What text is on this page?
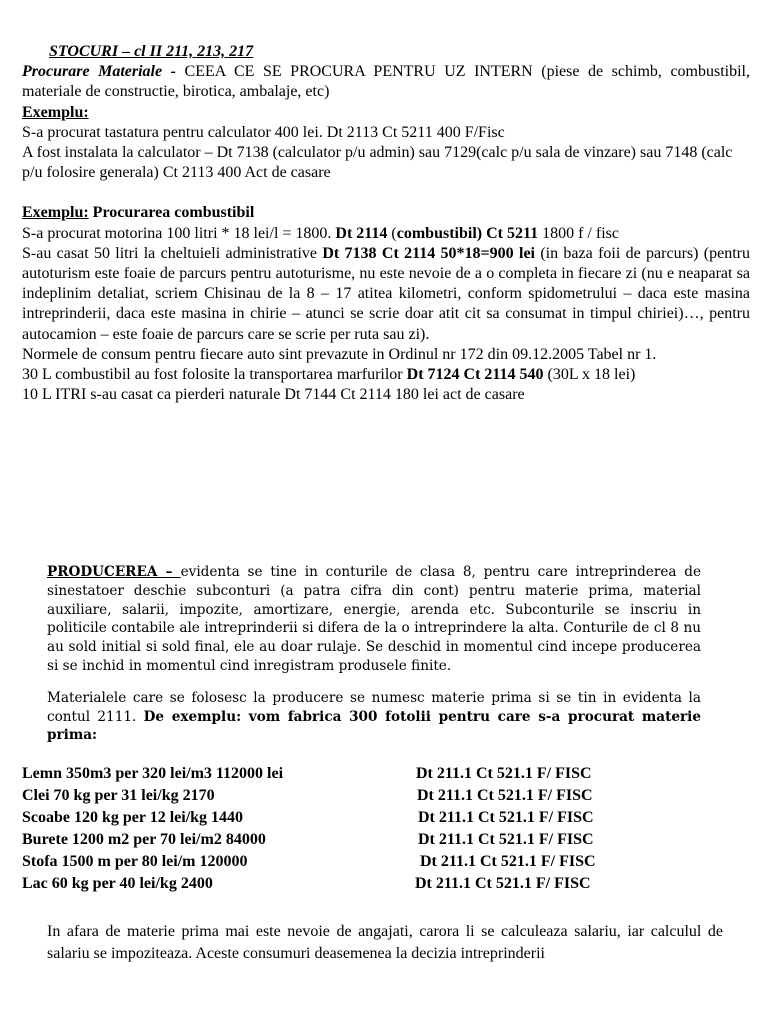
STOCURI – cl II 211, 213, 217

Procurare Materiale - CEEA CE SE PROCURA PENTRU UZ INTERN (piese de schimb, combustibil, materiale de constructie, birotica, ambalaje, etc)

Exemplu:

S-a procurat tastatura pentru calculator 400 lei. Dt 2113 Ct 5211 400 F/Fisc

A fost instalata la calculator – Dt 7138 (calculator p/u admin) sau 7129(calc p/u sala de vinzare) sau 7148 (calc p/u folosire generala) Ct 2113 400 Act de casare

Exemplu: Procurarea combustibil

S-a procurat motorina 100 litri * 18 lei/l = 1800. Dt 2114 (combustibil) Ct 5211 1800 f / fisc

S-au casat 50 litri la cheltuieli administrative Dt 7138 Ct 2114 50*18=900 lei (in baza foii de parcurs) (pentru autoturism este foaie de parcurs pentru autoturisme, nu este nevoie de a o completa in fiecare zi (nu e neaparat sa indeplinim detaliat, scriem Chisinau de la 8 – 17 atitea kilometri, conform spidometrului – daca este masina intreprinderii, daca este masina in chirie – atunci se scrie doar atit cit sa consumat in timpul chiriei)…, pentru autocamion – este foaie de parcurs care se scrie per ruta sau zi).

Normele de consum pentru fiecare auto sint prevazute in Ordinul nr 172 din 09.12.2005 Tabel nr 1.

30 L combustibil au fost folosite la transportarea marfurilor Dt 7124 Ct 2114 540 (30L x 18 lei)

10 L ITRI s-au casat ca pierderi naturale Dt 7144 Ct 2114 180 lei act de casare

PRODUCEREA – evidenta se tine in conturile de clasa 8, pentru care intreprinderea de sinestatoer deschie subconturi (a patra cifra din cont) pentru materie prima, material auxiliare, salarii, impozite, amortizare, energie, arenda etc. Subconturile se inscriu in politicile contabile ale intreprinderii si difera de la o intreprindere la alta. Conturile de cl 8 nu au sold initial si sold final, ele au doar rulaje. Se deschid in momentul cind incepe producerea si se inchid in momentul cind inregistram produsele finite.

Materialele care se folosesc la producere se numesc materie prima si se tin in evidenta la contul 2111. De exemplu: vom fabrica 300 fotolii pentru care s-a procurat materie prima:

Lemn 350m3 per 320 lei/m3 112000 lei	Dt 211.1 Ct 521.1 F/ FISC
Clei 70 kg per 31 lei/kg 2170	Dt 211.1 Ct 521.1 F/ FISC
Scoabe 120 kg per 12 lei/kg 1440	Dt 211.1 Ct 521.1 F/ FISC
Burete 1200 m2 per 70 lei/m2 84000	Dt 211.1 Ct 521.1 F/ FISC
Stofa 1500 m per 80 lei/m 120000	Dt 211.1 Ct 521.1 F/ FISC
Lac 60 kg per 40 lei/kg 2400	Dt 211.1 Ct 521.1 F/ FISC

In afara de materie prima mai este nevoie de angajati, carora li se calculeaza salariu, iar calculul de salariu se impoziteaza. Aceste consumuri deasemenea la decizia intreprinderii
